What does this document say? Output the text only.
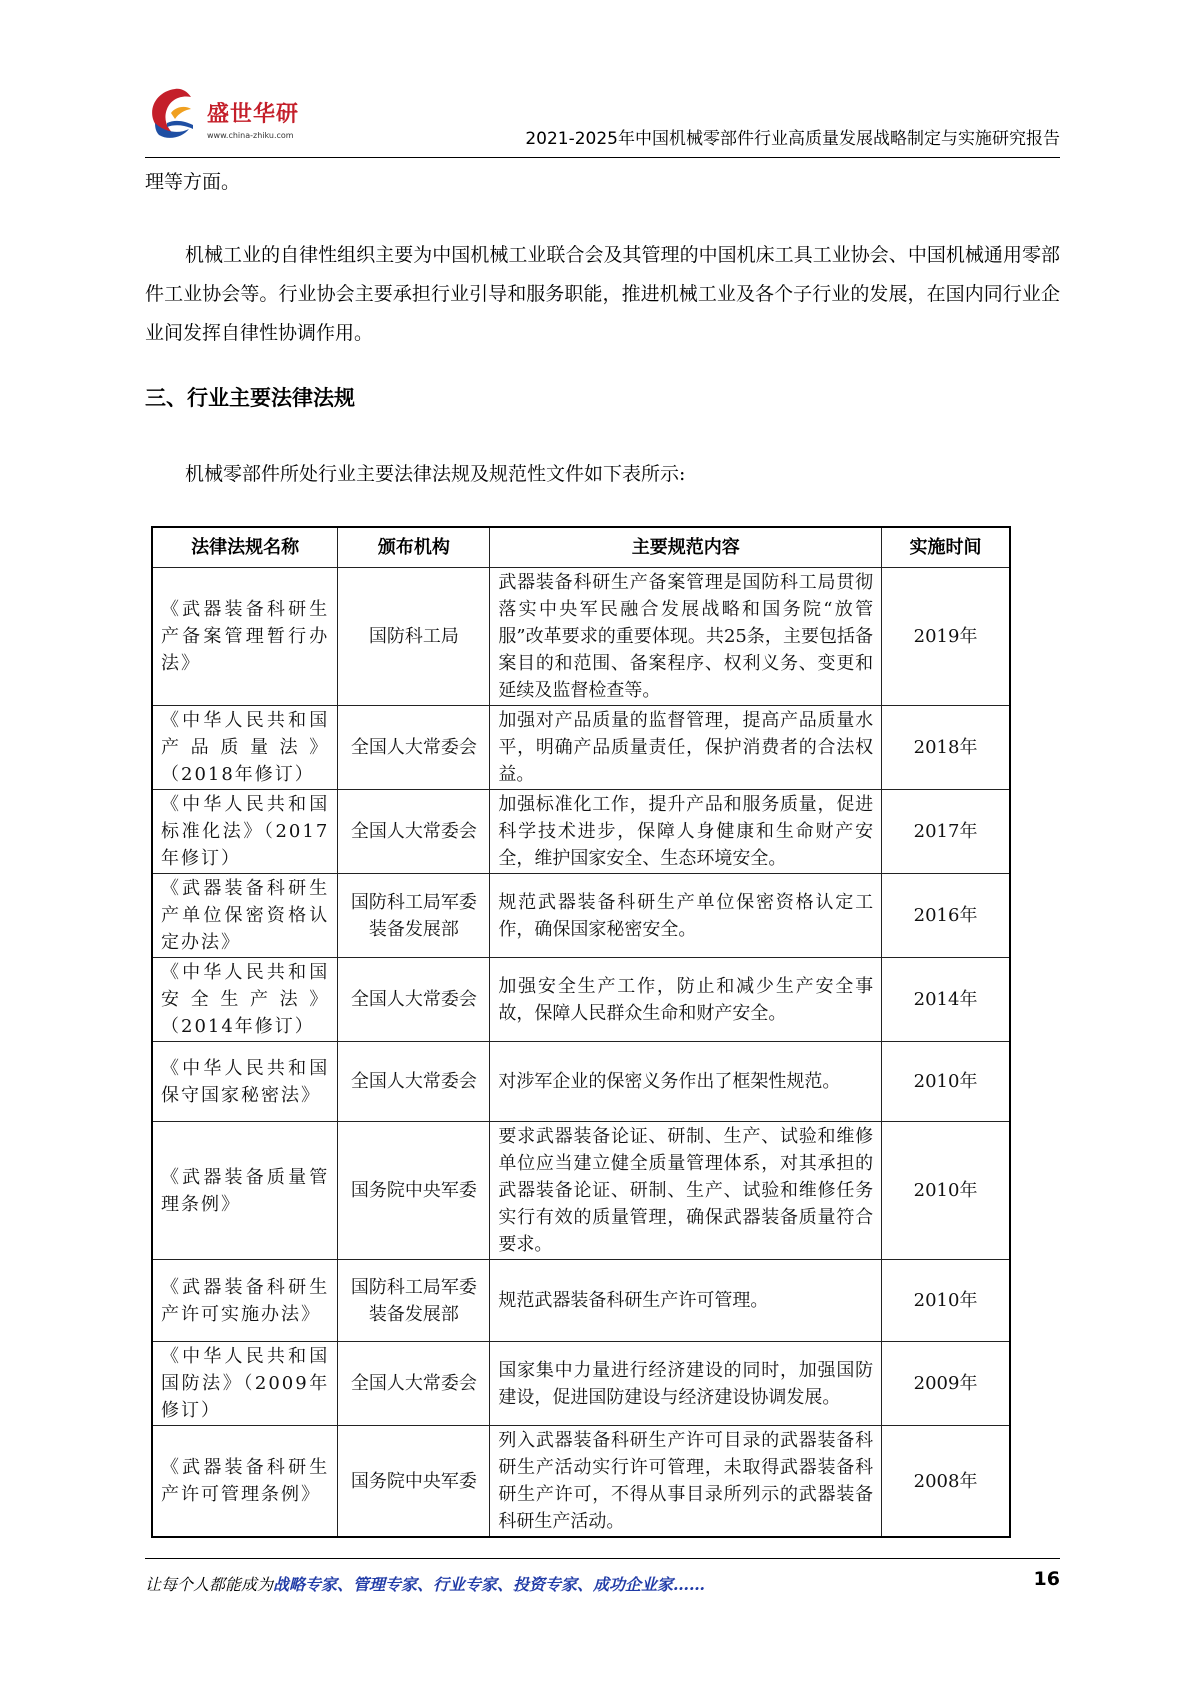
盛世华研
www.china-zhiku.com	2021-2025年中国机械零部件行业高质量发展战略制定与实施研究报告

理等方面。

机械工业的自律性组织主要为中国机械工业联合会及其管理的中国机床工具工业协会、中国机械通用零部件工业协会等。行业协会主要承担行业引导和服务职能，推进机械工业及各个子行业的发展，在国内同行业企业间发挥自律性协调作用。

三、行业主要法律法规

机械零部件所处行业主要法律法规及规范性文件如下表所示:

法律法规名称	颁布机构	主要规范内容	实施时间
《武器装备科研生产备案管理暂行办法》	国防科工局	武器装备科研生产备案管理是国防科工局贯彻落实中央军民融合发展战略和国务院“放管服”改革要求的重要体现。共25条，主要包括备案目的和范围、备案程序、权利义务、变更和延续及监督检查等。	2019年
《中华人民共和国产品质量法》（2018年修订）	全国人大常委会	加强对产品质量的监督管理，提高产品质量水平，明确产品质量责任，保护消费者的合法权益。	2018年
《中华人民共和国标准化法》（2017年修订）	全国人大常委会	加强标准化工作，提升产品和服务质量，促进科学技术进步，保障人身健康和生命财产安全，维护国家安全、生态环境安全。	2017年
《武器装备科研生产单位保密资格认定办法》	国防科工局军委装备发展部	规范武器装备科研生产单位保密资格认定工作，确保国家秘密安全。	2016年
《中华人民共和国安全生产法》（2014年修订）	全国人大常委会	加强安全生产工作，防止和减少生产安全事故，保障人民群众生命和财产安全。	2014年
《中华人民共和国保守国家秘密法》	全国人大常委会	对涉军企业的保密义务作出了框架性规范。	2010年
《武器装备质量管理条例》	国务院中央军委	要求武器装备论证、研制、生产、试验和维修单位应当建立健全质量管理体系，对其承担的武器装备论证、研制、生产、试验和维修任务实行有效的质量管理，确保武器装备质量符合要求。	2010年
《武器装备科研生产许可实施办法》	国防科工局军委装备发展部	规范武器装备科研生产许可管理。	2010年
《中华人民共和国国防法》（2009年修订）	全国人大常委会	国家集中力量进行经济建设的同时，加强国防建设，促进国防建设与经济建设协调发展。	2009年
《武器装备科研生产许可管理条例》	国务院中央军委	列入武器装备科研生产许可目录的武器装备科研生产活动实行许可管理，未取得武器装备科研生产许可，不得从事目录所列示的武器装备科研生产活动。	2008年
让每个人都能成为战略专家、管理专家、行业专家、投资专家、成功企业家……	16
